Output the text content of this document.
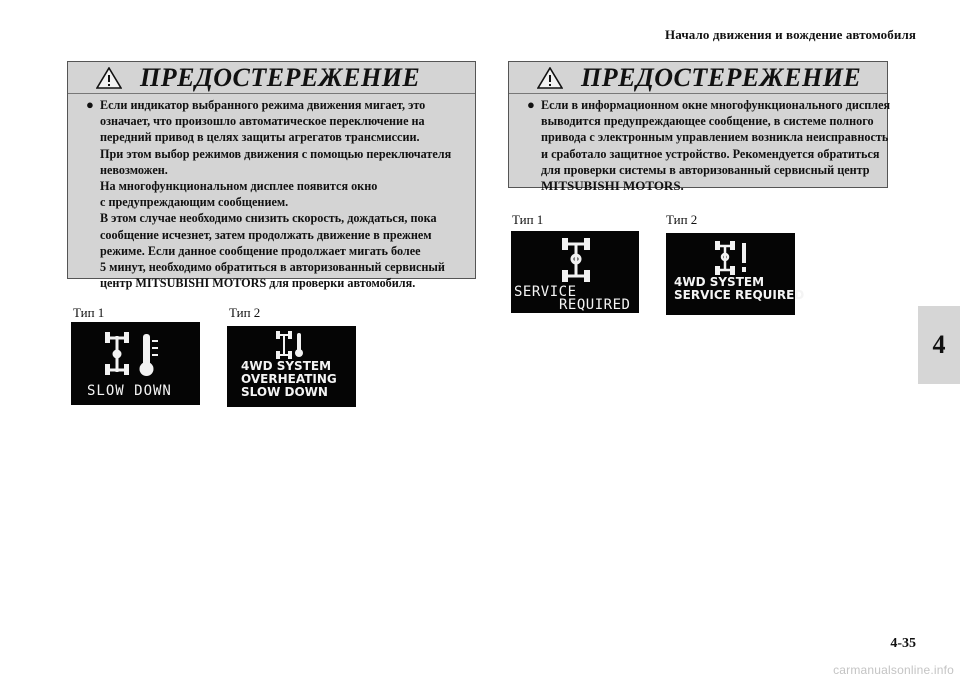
Начало движения и вождение автомобиля
4
4-35
carmanualsonline.info
ПРЕДОСТЕРЕЖЕНИЕ
● Если индикатор выбранного режима движения мигает, это
означает, что произошло автоматическое переключение на
передний привод в целях защиты агрегатов трансмиссии.
При этом выбор режимов движения с помощью переключателя
невозможен.
На многофункциональном дисплее появится окно
с предупреждающим сообщением.
В этом случае необходимо снизить скорость, дождаться, пока
сообщение исчезнет, затем продолжать движение в прежнем
режиме. Если данное сообщение продолжает мигать более
5 минут, необходимо обратиться в авторизованный сервисный
центр MITSUBISHI MOTORS для проверки автомобиля.
ПРЕДОСТЕРЕЖЕНИЕ
● Если в информационном окне многофункционального дисплея
выводится предупреждающее сообщение, в системе полного
привода с электронным управлением возникла неисправность
и сработало защитное устройство. Рекомендуется обратиться
для проверки системы в авторизованный сервисный центр
MITSUBISHI MOTORS.
Тип 1	Тип 2
SLOW DOWN
4WD SYSTEM
OVERHEATING
SLOW DOWN
Тип 1	Тип 2
SERVICE
REQUIRED
4WD SYSTEM
SERVICE REQUIRED
